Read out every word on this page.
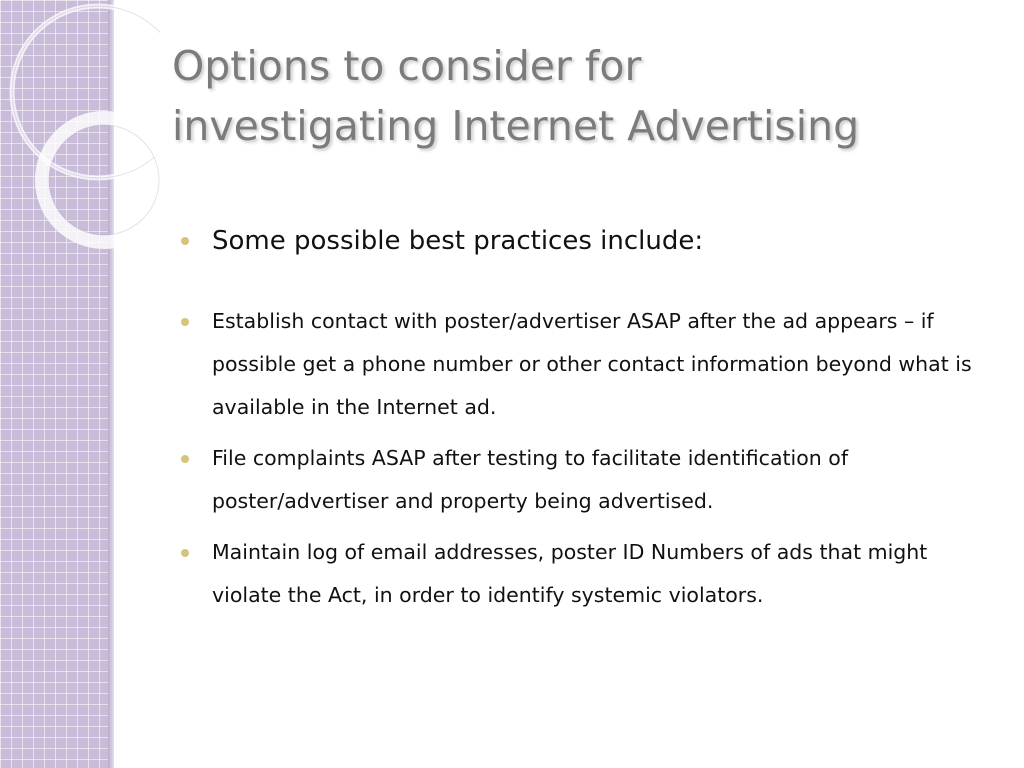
Options to consider for
investigating Internet Advertising
Some possible best practices include:
Establish contact with poster/advertiser ASAP after the ad appears – if possible get a phone number or other contact information beyond what is available in the Internet ad.
File complaints ASAP after testing to facilitate identification of poster/advertiser and property being advertised.
Maintain log of email addresses, poster ID Numbers of ads that might violate the Act, in order to identify systemic violators.
